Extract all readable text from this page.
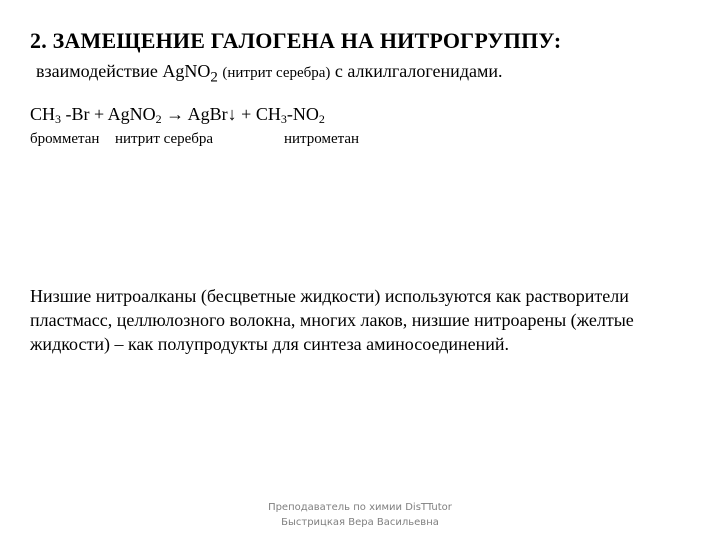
2. ЗАМЕЩЕНИЕ ГАЛОГЕНА НА НИТРОГРУППУ:
взаимодействие AgNO$_2$ (нитрит серебра) с алкилгалогенидами.
$CH_3$ -Br + AgNO$_2$ → AgBr↓ + $CH_3-NO_2$
бромметан нитрит серебра	нитрометан
Низшие нитроалканы (бесцветные жидкости) используются как растворители пластмасс, целлюлозного волокна, многих лаков, низшие нитроарены (желтые жидкости) – как полупродукты для синтеза аминосоединений.
Преподаватель по химии DisTTutor
Быстрицкая Вера Васильевна
